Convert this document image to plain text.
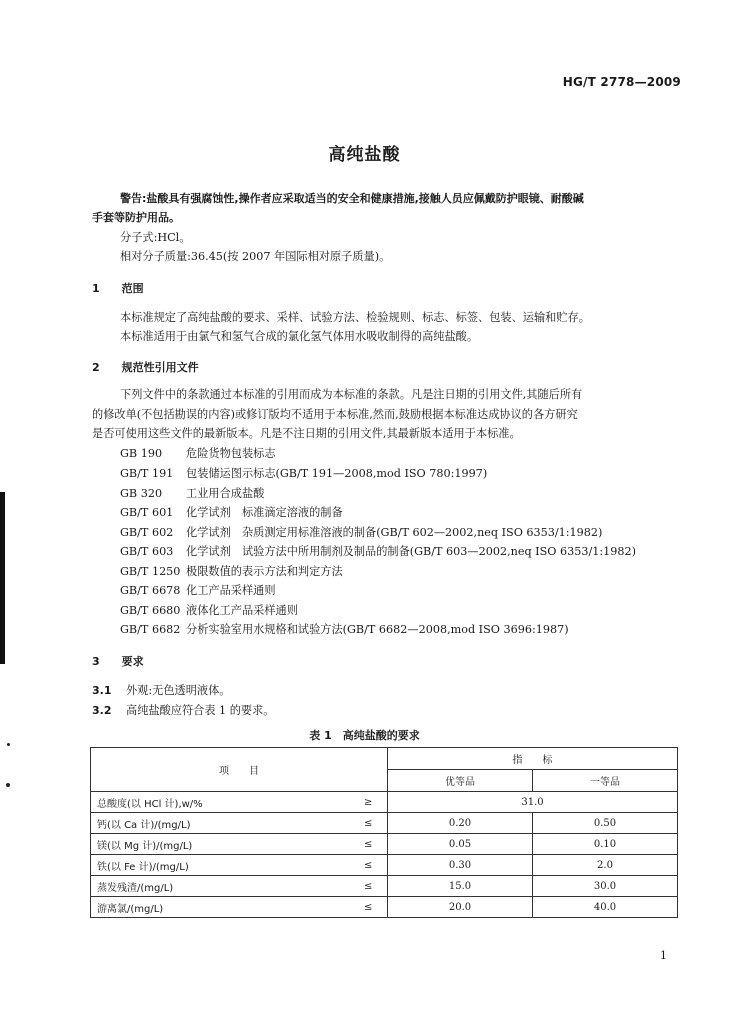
HG/T 2778—2009
高纯盐酸
警告:盐酸具有强腐蚀性,操作者应采取适当的安全和健康措施,接触人员应佩戴防护眼镜、耐酸碱
手套等防护用品。
分子式:HCl。
相对分子质量:36.45(按 2007 年国际相对原子质量)。
1 范围
本标准规定了高纯盐酸的要求、采样、试验方法、检验规则、标志、标签、包装、运输和贮存。
本标准适用于由氯气和氢气合成的氯化氢气体用水吸收制得的高纯盐酸。
2 规范性引用文件
下列文件中的条款通过本标准的引用而成为本标准的条款。凡是注日期的引用文件,其随后所有
的修改单(不包括勘误的内容)或修订版均不适用于本标准,然而,鼓励根据本标准达成协议的各方研究
是否可使用这些文件的最新版本。凡是不注日期的引用文件,其最新版本适用于本标准。
GB 190 危险货物包装标志
GB/T 191 包装储运图示标志(GB/T 191—2008,mod ISO 780:1997)
GB 320 工业用合成盐酸
GB/T 601 化学试剂　标准滴定溶液的制备
GB/T 602 化学试剂　杂质测定用标准溶液的制备(GB/T 602—2002,neq ISO 6353/1:1982)
GB/T 603 化学试剂　试验方法中所用制剂及制品的制备(GB/T 603—2002,neq ISO 6353/1:1982)
GB/T 1250 极限数值的表示方法和判定方法
GB/T 6678 化工产品采样通则
GB/T 6680 液体化工产品采样通则
GB/T 6682 分析实验室用水规格和试验方法(GB/T 6682—2008,mod ISO 3696:1987)
3 要求
3.1 外观:无色透明液体。
3.2 高纯盐酸应符合表 1 的要求。
表 1　高纯盐酸的要求
项　　目		指　　标	
		优等品	一等品
总酸度(以 HCl 计),w/%	≥	31.0	
钙(以 Ca 计)/(mg/L)	≤	0.20	0.50
镁(以 Mg 计)/(mg/L)	≤	0.05	0.10
铁(以 Fe 计)/(mg/L)	≤	0.30	2.0
蒸发残渣/(mg/L)	≤	15.0	30.0
游离氯/(mg/L)	≤	20.0	40.0
1
